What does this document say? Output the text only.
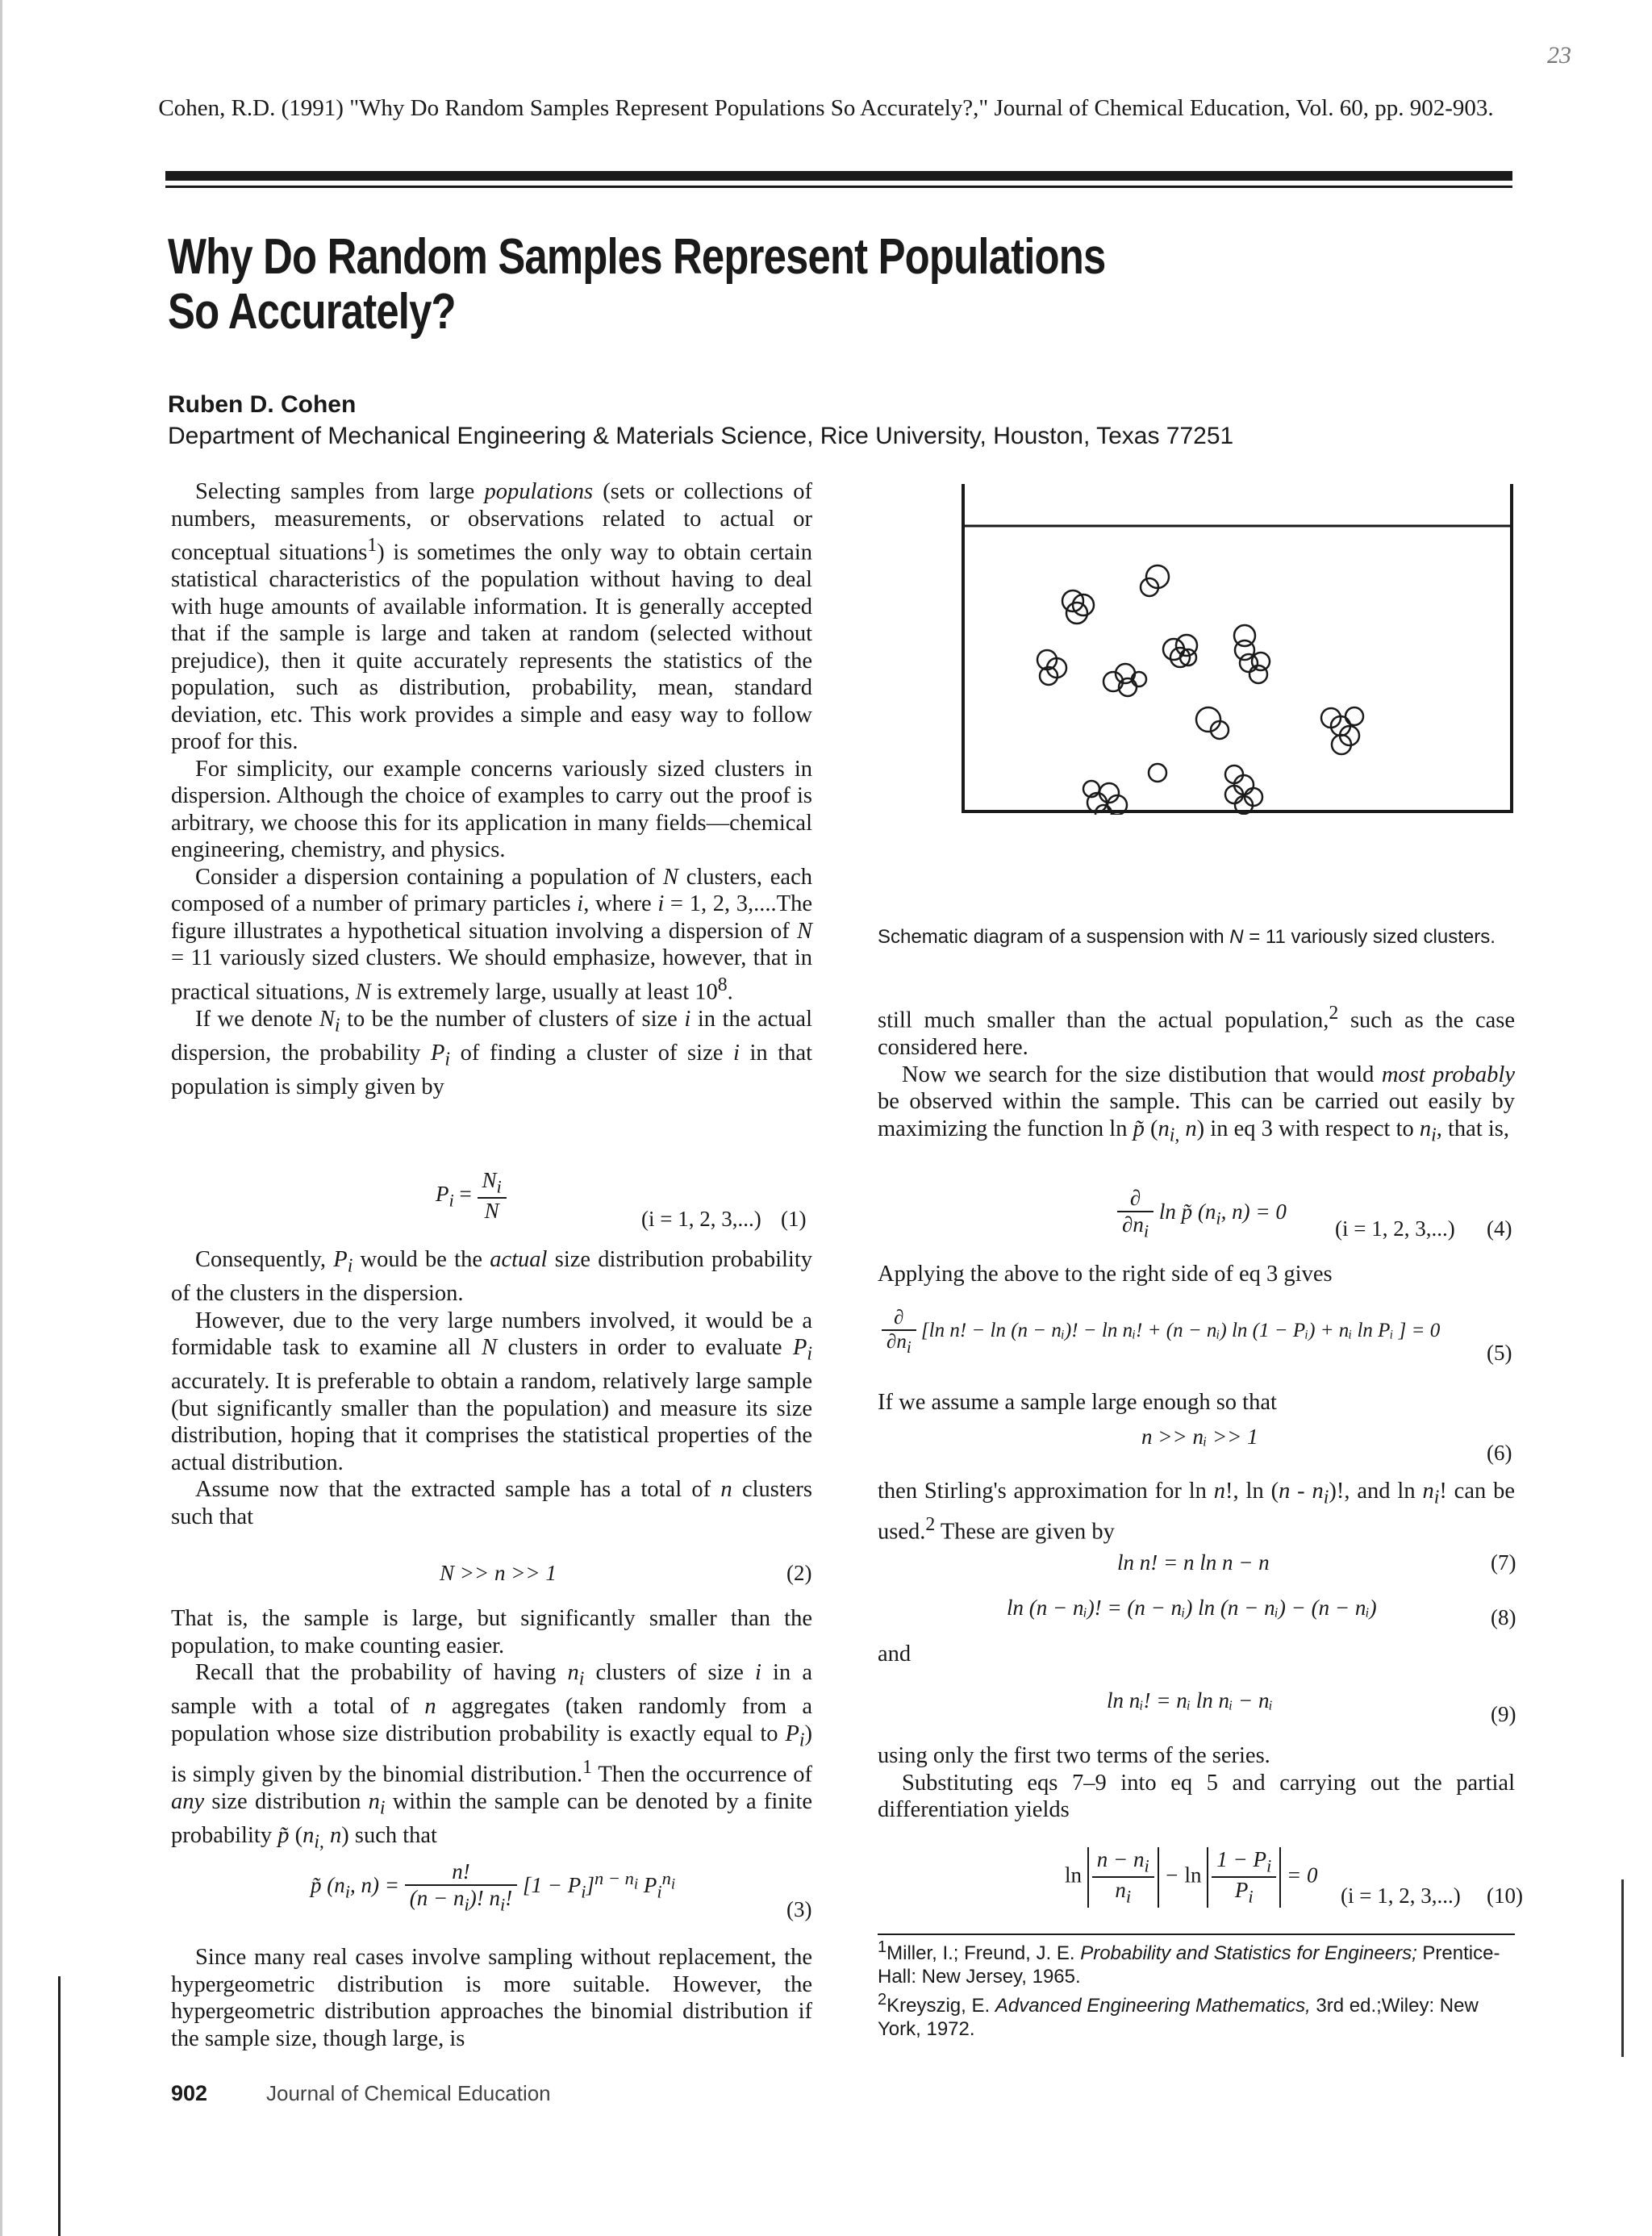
23
Cohen, R.D. (1991) "Why Do Random Samples Represent Populations So Accurately?," Journal of Chemical Education, Vol. 60, pp. 902-903.
Why Do Random Samples Represent Populations
So Accurately?
Ruben D. Cohen
Department of Mechanical Engineering & Materials Science, Rice University, Houston, Texas 77251

Selecting samples from large populations (sets or collections of numbers, measurements, or observations related to actual or conceptual situations$^1$) is sometimes the only way to obtain certain statistical characteristics of the population without having to deal with huge amounts of available information. It is generally accepted that if the sample is large and taken at random (selected without prejudice), then it quite accurately represents the statistics of the population, such as distribution, probability, mean, standard deviation, etc. This work provides a simple and easy way to follow proof for this.

For simplicity, our example concerns variously sized clusters in dispersion. Although the choice of examples to carry out the proof is arbitrary, we choose this for its application in many fields—chemical engineering, chemistry, and physics.

Consider a dispersion containing a population of N clusters, each composed of a number of primary particles i, where i = 1, 2, 3,....The figure illustrates a hypothetical situation involving a dispersion of N = 11 variously sized clusters. We should emphasize, however, that in practical situations, N is extremely large, usually at least $10^8$.

If we denote $N_i$ to be the number of clusters of size i in the actual dispersion, the probability $P_i$ of finding a cluster of size i in that population is simply given by

$P_i = \frac{N_i}{N}$	(i = 1, 2, 3,...) (1)

Consequently, $P_i$ would be the actual size distribution probability of the clusters in the dispersion.

However, due to the very large numbers involved, it would be a formidable task to examine all N clusters in order to evaluate $P_i$ accurately. It is preferable to obtain a random, relatively large sample (but significantly smaller than the population) and measure its size distribution, hoping that it comprises the statistical properties of the actual distribution.

Assume now that the extracted sample has a total of n clusters such that

N >> n >> 1	(2)

That is, the sample is large, but significantly smaller than the population, to make counting easier.

Recall that the probability of having $n_i$ clusters of size i in a sample with a total of n aggregates (taken randomly from a population whose size distribution probability is exactly equal to $P_i$) is simply given by the binomial distribution.$^1$ Then the occurrence of any size distribution $n_i$ within the sample can be denoted by a finite probability p̃ ($n_{i,}$ n) such that

p̃ ($n_i$, $n) = \frac{n!}{(n - n_i)! n_i!} [1 - P_i]^{n - n_i}$ $P_i^{n_i}$
(3)

Since many real cases involve sampling without replacement, the hypergeometric distribution is more suitable. However, the hypergeometric distribution approaches the binomial distribution if the sample size, though large, is

Schematic diagram of a suspension with N = 11 variously sized clusters.

still much smaller than the actual population,$^2$ such as the case considered here.

Now we search for the size distibution that would most probably be observed within the sample. This can be carried out easily by maximizing the function ln p̃ ($n_{i,}$ n) in eq 3 with respect to $n_i$, that is,

$\frac{\partial}{\partial n_i}$ ln p̃ ($n_i$, n) = 0
(i = 1, 2, 3,...) (4)

Applying the above to the right side of eq 3 gives

$\frac{\partial}{\partial n_i} [\ln$ n! − ln (n − nᵢ)! − ln nᵢ! + (n − nᵢ) ln (1 − Pᵢ) + nᵢ ln Pᵢ ] = 0
(5)

If we assume a sample large enough so that

n >> nᵢ >> 1
(6)

then Stirling's approximation for ln n!, $\ln (n - n_i)$!, and $\ln n_i$! can be used.$^2$ These are given by

ln n! = n ln n − n	(7)
ln (n − nᵢ)! = (n − nᵢ) ln (n − nᵢ) − (n − nᵢ)	(8)

and

ln nᵢ! = nᵢ ln nᵢ − nᵢ
(9)

using only the first two terms of the series.

Substituting eqs 7–9 into eq 5 and carrying out the partial differentiation yields

$\ln \frac{n - n_i}{n_i} - \ln \frac{1 - P_i}{P_i} = 0$
(i = 1, 2, 3,...) (10)
$^1$Miller, I.; Freund, J. E. Probability and Statistics for Engineers; Prentice-Hall: New Jersey, 1965.
$^2$Kreyszig, E. Advanced Engineering Mathematics, 3rd ed.;Wiley: New York, 1972.
902	Journal of Chemical Education
